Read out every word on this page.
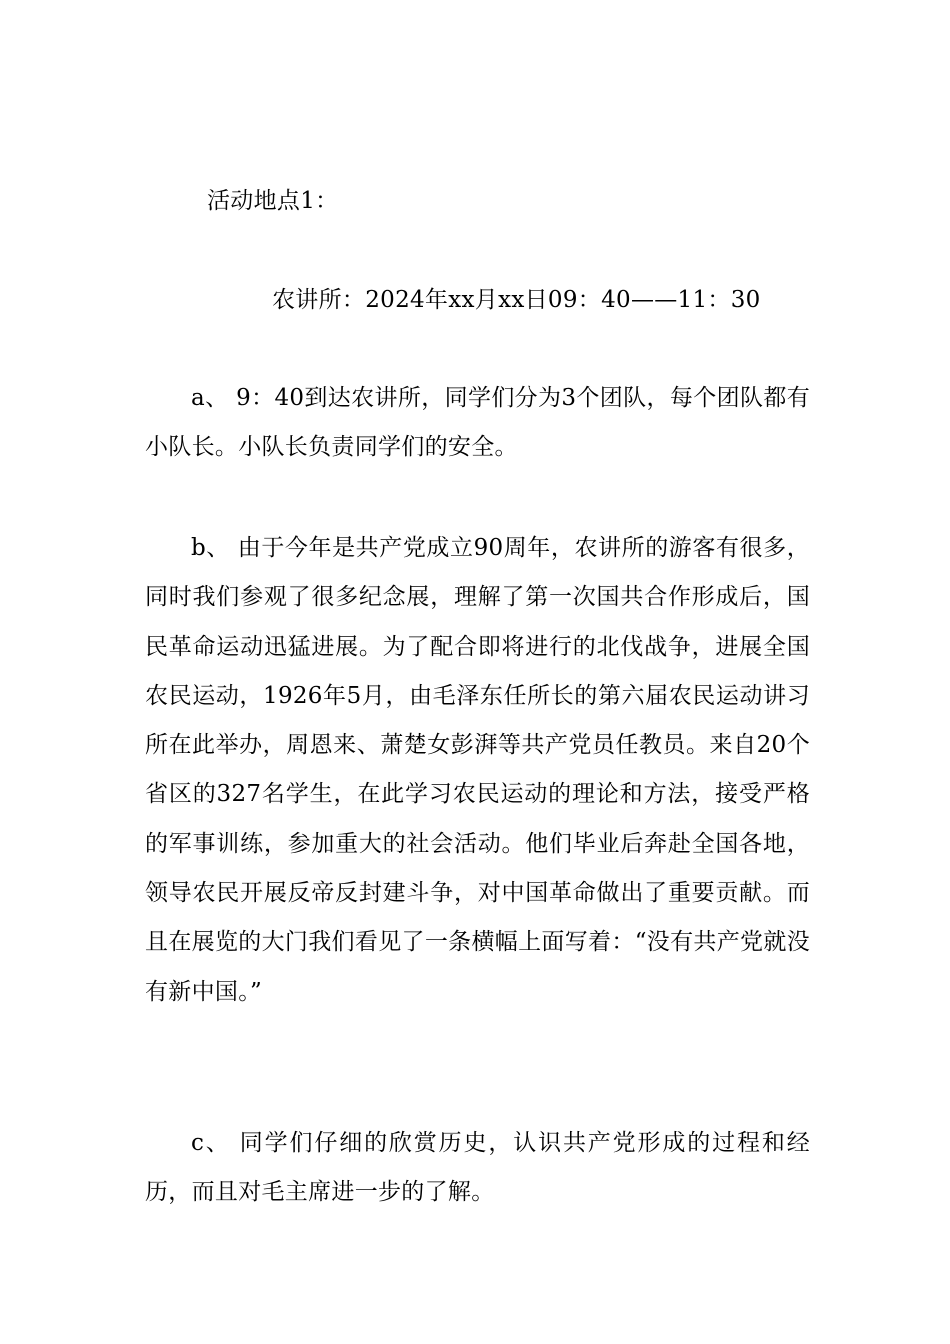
活动地点1：
农讲所：2024年xx月xx日09：40——11：30
a、 9：40到达农讲所，同学们分为3个团队，每个团队都有小队长。小队长负责同学们的安全。
b、 由于今年是共产党成立90周年，农讲所的游客有很多，同时我们参观了很多纪念展，理解了第一次国共合作形成后，国民革命运动迅猛进展。为了配合即将进行的北伐战争，进展全国农民运动，1926年5月，由毛泽东任所长的第六届农民运动讲习所在此举办，周恩来、萧楚女彭湃等共产党员任教员。来自20个省区的327名学生，在此学习农民运动的理论和方法，接受严格的军事训练，参加重大的社会活动。他们毕业后奔赴全国各地，领导农民开展反帝反封建斗争，对中国革命做出了重要贡献。而且在展览的大门我们看见了一条横幅上面写着：“没有共产党就没有新中国。”
c、 同学们仔细的欣赏历史，认识共产党形成的过程和经历，而且对毛主席进一步的了解。
